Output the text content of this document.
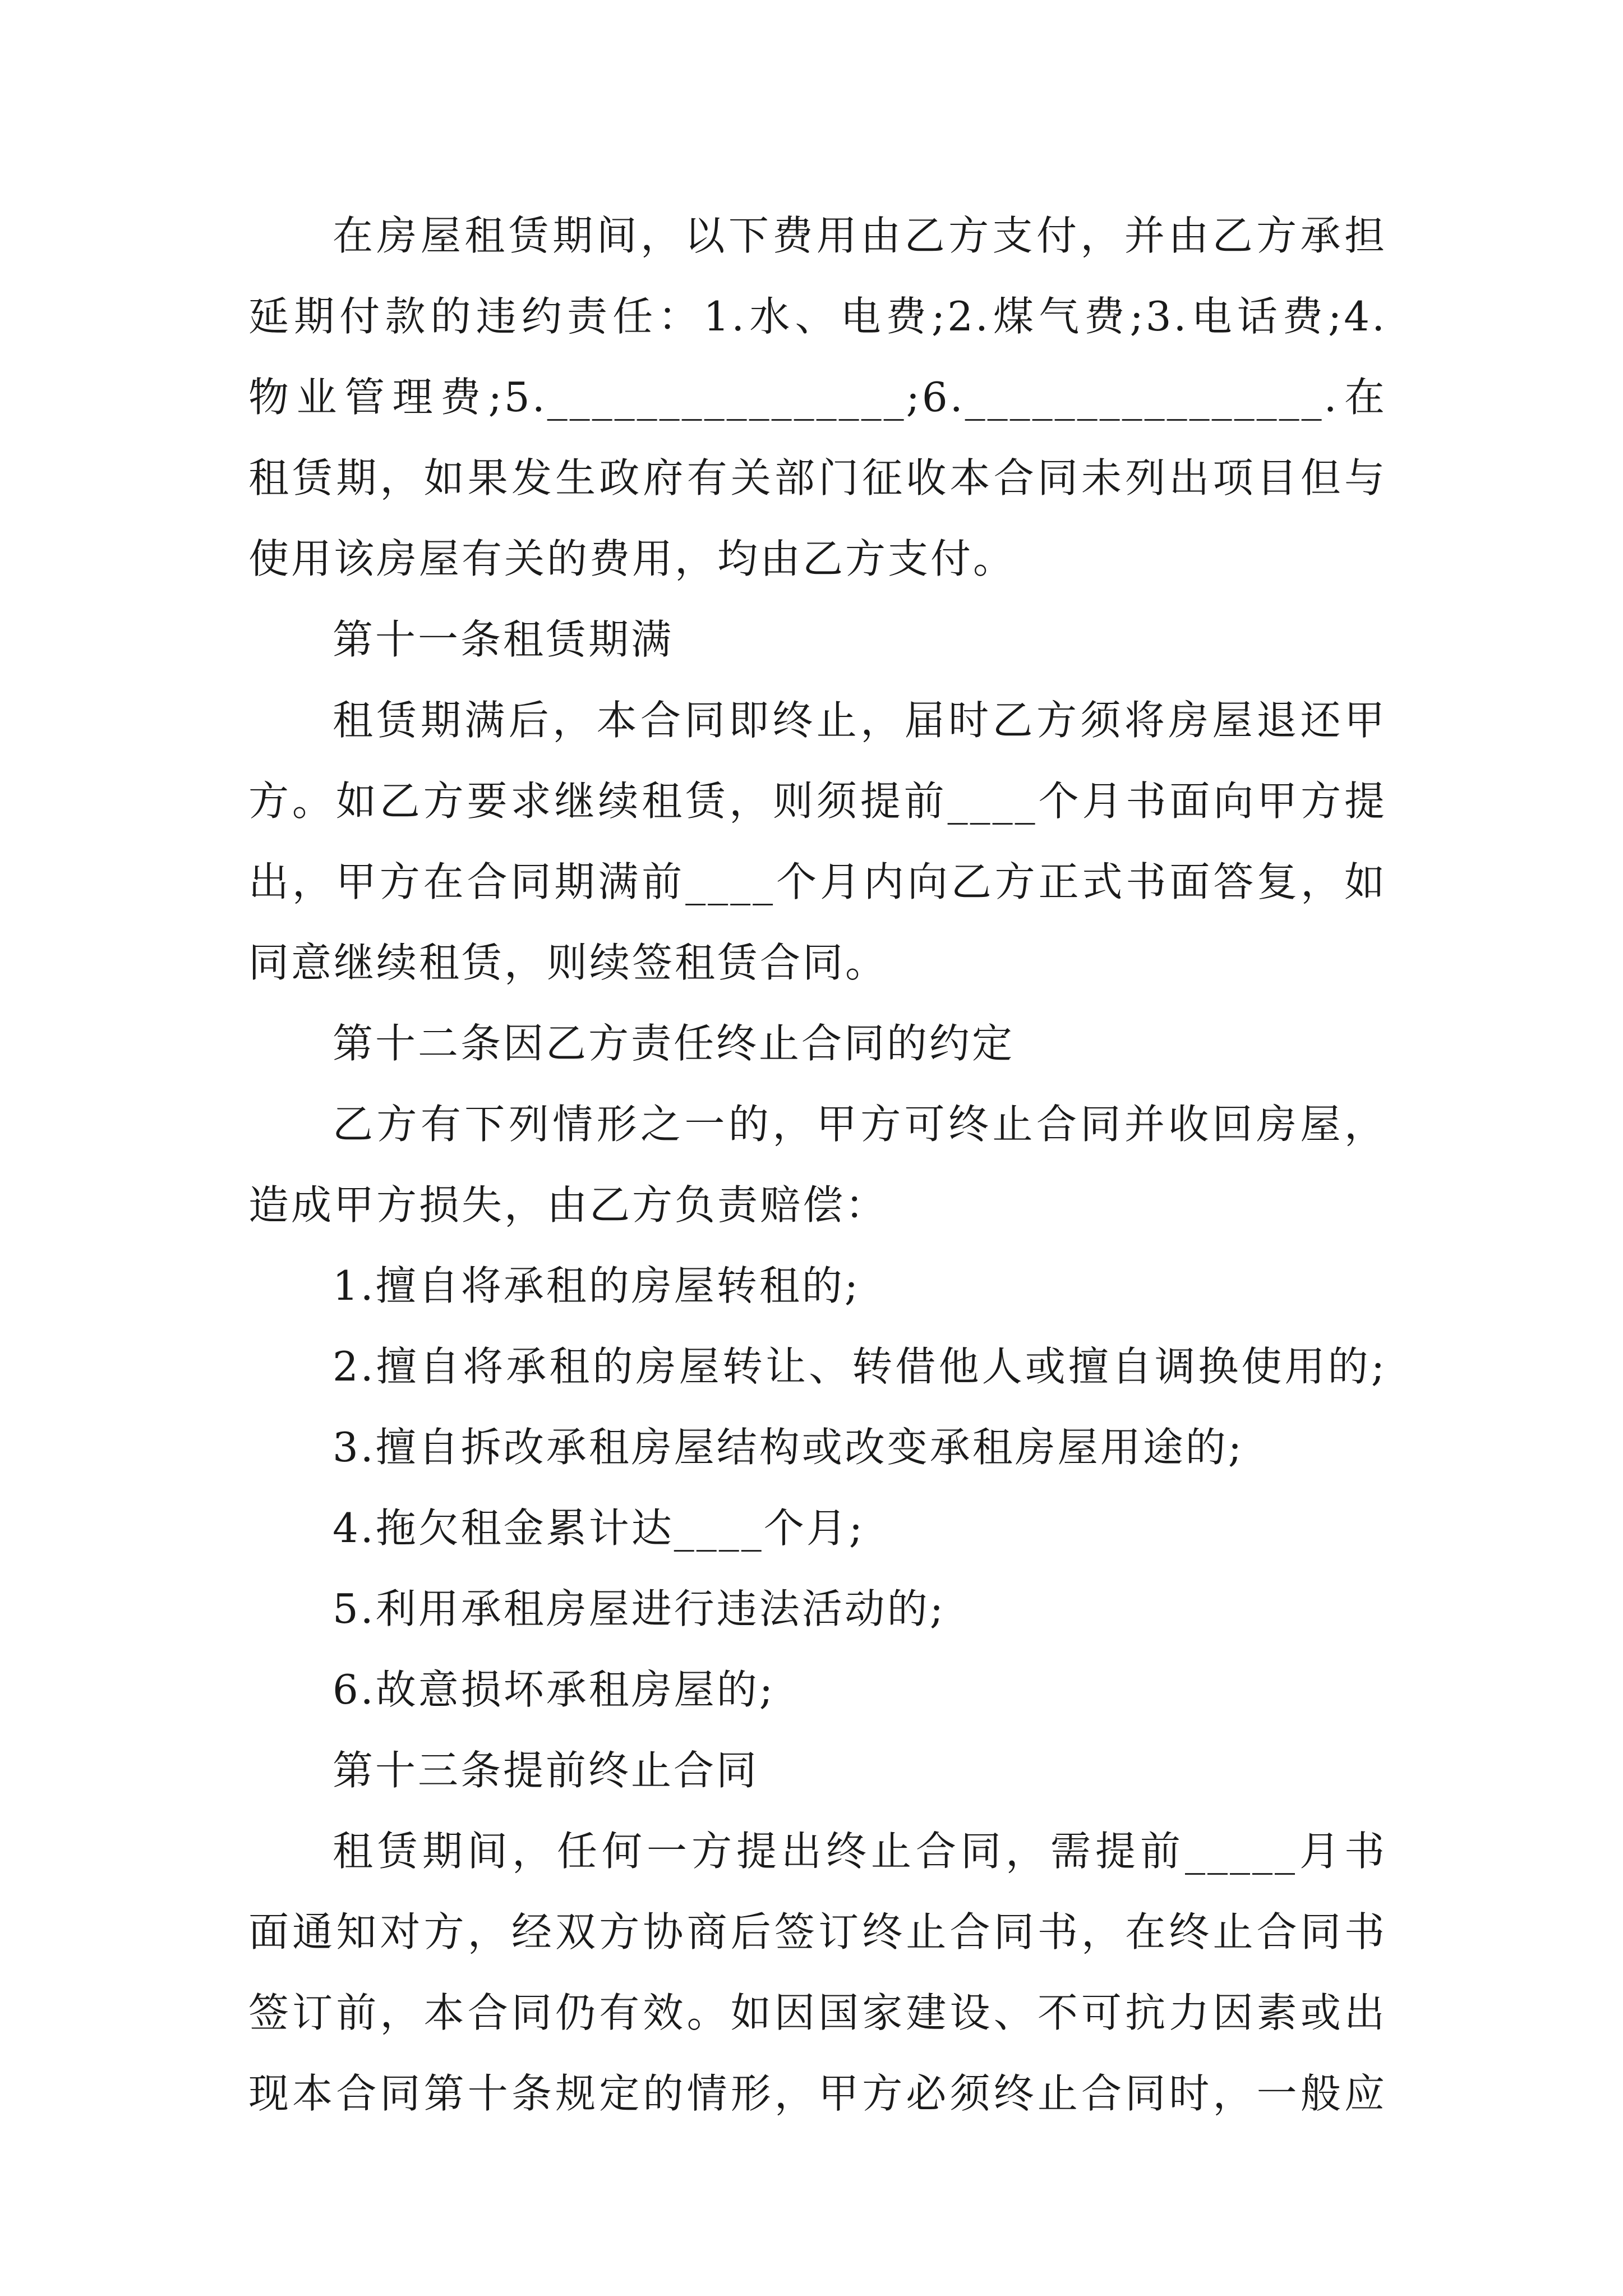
在房屋租赁期间，以下费用由乙方支付，并由乙方承担
延期付款的违约责任：1.水、电费;2.煤气费;3.电话费;4.
物业管理费;5.________________;6.________________.在
租赁期，如果发生政府有关部门征收本合同未列出项目但与
使用该房屋有关的费用，均由乙方支付。
第十一条租赁期满
租赁期满后，本合同即终止，届时乙方须将房屋退还甲
方。如乙方要求继续租赁，则须提前____个月书面向甲方提
出，甲方在合同期满前____个月内向乙方正式书面答复，如
同意继续租赁，则续签租赁合同。
第十二条因乙方责任终止合同的约定
乙方有下列情形之一的，甲方可终止合同并收回房屋，
造成甲方损失，由乙方负责赔偿：
1.擅自将承租的房屋转租的;
2.擅自将承租的房屋转让、转借他人或擅自调换使用的;
3.擅自拆改承租房屋结构或改变承租房屋用途的;
4.拖欠租金累计达____个月;
5.利用承租房屋进行违法活动的;
6.故意损坏承租房屋的;
第十三条提前终止合同
租赁期间，任何一方提出终止合同，需提前_____月书
面通知对方，经双方协商后签订终止合同书，在终止合同书
签订前，本合同仍有效。如因国家建设、不可抗力因素或出
现本合同第十条规定的情形，甲方必须终止合同时，一般应
